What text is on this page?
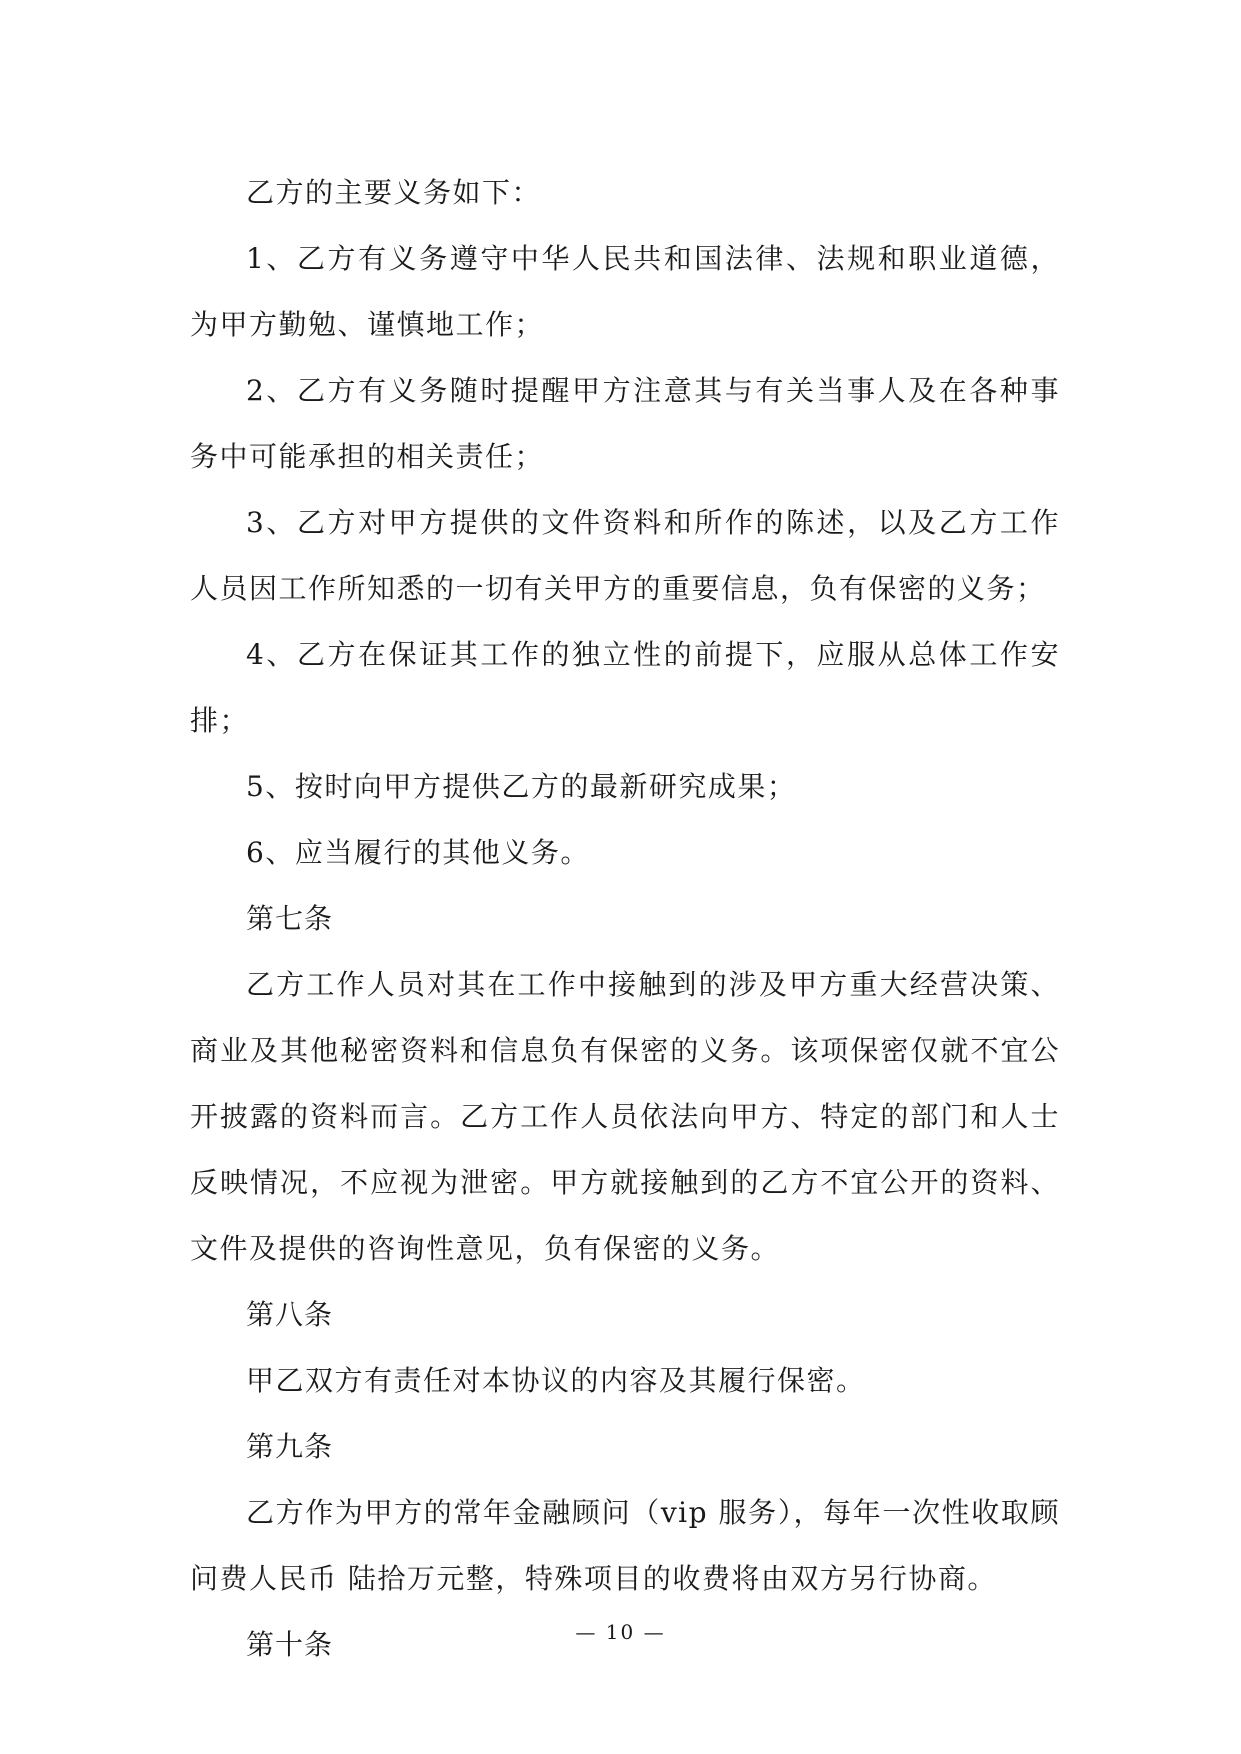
乙方的主要义务如下：

1、乙方有义务遵守中华人民共和国法律、法规和职业道德，为甲方勤勉、谨慎地工作；

2、乙方有义务随时提醒甲方注意其与有关当事人及在各种事务中可能承担的相关责任；

3、乙方对甲方提供的文件资料和所作的陈述，以及乙方工作人员因工作所知悉的一切有关甲方的重要信息，负有保密的义务；

4、乙方在保证其工作的独立性的前提下，应服从总体工作安排；

5、按时向甲方提供乙方的最新研究成果；

6、应当履行的其他义务。

第七条

乙方工作人员对其在工作中接触到的涉及甲方重大经营决策、商业及其他秘密资料和信息负有保密的义务。该项保密仅就不宜公开披露的资料而言。乙方工作人员依法向甲方、特定的部门和人士反映情况，不应视为泄密。甲方就接触到的乙方不宜公开的资料、文件及提供的咨询性意见，负有保密的义务。

第八条

甲乙双方有责任对本协议的内容及其履行保密。

第九条

乙方作为甲方的常年金融顾问（vip 服务），每年一次性收取顾问费人民币 陆拾万元整，特殊项目的收费将由双方另行协商。

第十条	— 10 —
